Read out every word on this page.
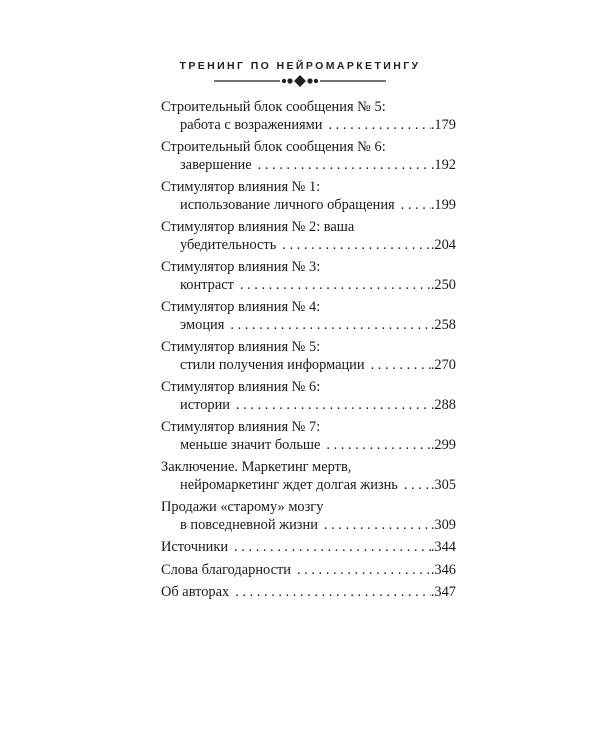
ТРЕНИНГ ПО НЕЙРОМАРКЕТИНГУ
Строительный блок сообщения № 5:
работа с возражениями . . .	.179
Строительный блок сообщения № 6:
завершение . . .	.192
Стимулятор влияния № 1:
использование личного обращения . . .	.199
Стимулятор влияния № 2: ваша
убедительность . . .	.204
Стимулятор влияния № 3:
контраст . . .	.250
Стимулятор влияния № 4:
эмоция . . .	.258
Стимулятор влияния № 5:
стили получения информации . . .	.270
Стимулятор влияния № 6:
истории . . .	.288
Стимулятор влияния № 7:
меньше значит больше . . .	.299
Заключение. Маркетинг мертв,
нейромаркетинг ждет долгая жизнь . . . .305
Продажи «старому» мозгу
в повседневной жизни . . .	.309
Источники . . .	.344
Слова благодарности . . .	.346
Об авторах . . .	.347
